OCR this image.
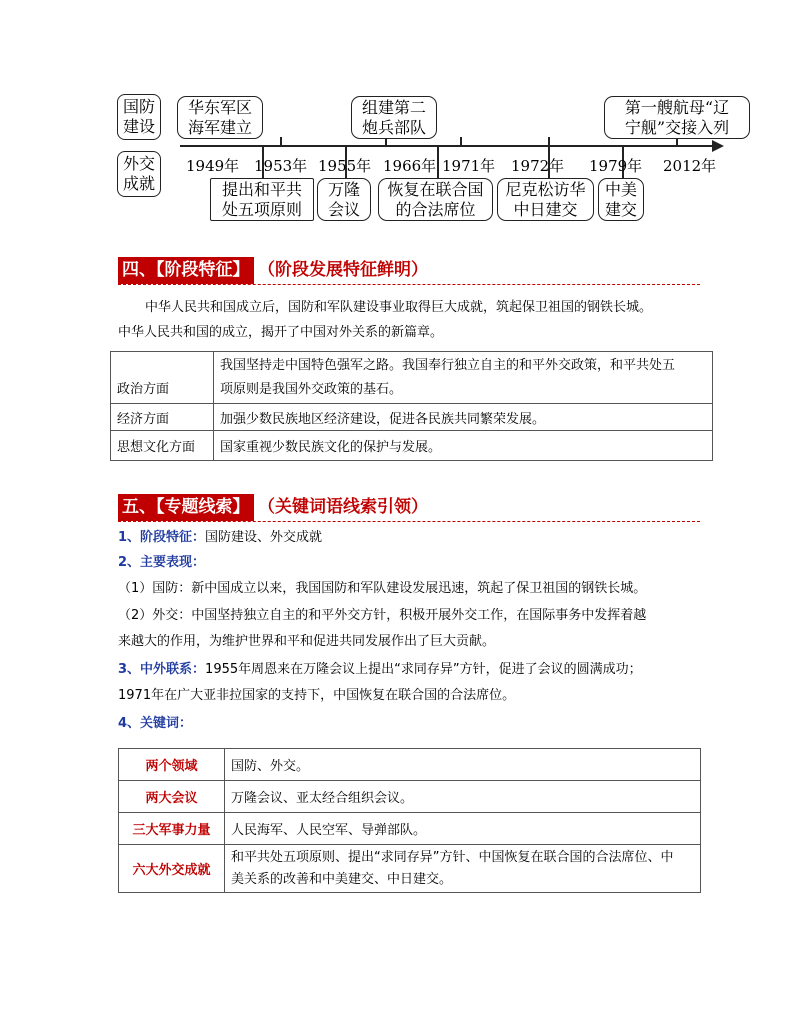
国防
建设
外交
成就
1949年 1953年 1955年 1966年 1971年 1972年 1979年 2012年
华东军区
海军建立
组建第二
炮兵部队
第一艘航母“辽
宁舰”交接入列
提出和平共
处五项原则
万隆
会议
恢复在联合国
的合法席位
尼克松访华
中日建交
中美
建交
四、【阶段特征】 （阶段发展特征鲜明）
中华人民共和国成立后，国防和军队建设事业取得巨大成就，筑起保卫祖国的钢铁长城。
中华人民共和国的成立，揭开了中国对外关系的新篇章。
政治方面	我国坚持走中国特色强军之路。我国奉行独立自主的和平外交政策，和平共处五
项原则是我国外交政策的基石。

经济方面	加强少数民族地区经济建设，促进各民族共同繁荣发展。
思想文化方面	国家重视少数民族文化的保护与发展。
五、【专题线索】 （关键词语线索引领）
1、阶段特征：国防建设、外交成就
2、主要表现：
（1）国防：新中国成立以来，我国国防和军队建设发展迅速，筑起了保卫祖国的钢铁长城。
（2）外交：中国坚持独立自主的和平外交方针，积极开展外交工作，在国际事务中发挥着越
来越大的作用，为维护世界和平和促进共同发展作出了巨大贡献。
3、中外联系：1955年周恩来在万隆会议上提出“求同存异”方针，促进了会议的圆满成功；
1971年在广大亚非拉国家的支持下，中国恢复在联合国的合法席位。
4、关键词：
两个领域	国防、外交。
两大会议	万隆会议、亚太经合组织会议。
三大军事力量	人民海军、人民空军、导弹部队。
六大外交成就	和平共处五项原则、提出“求同存异”方针、中国恢复在联合国的合法席位、中
美关系的改善和中美建交、中日建交。
